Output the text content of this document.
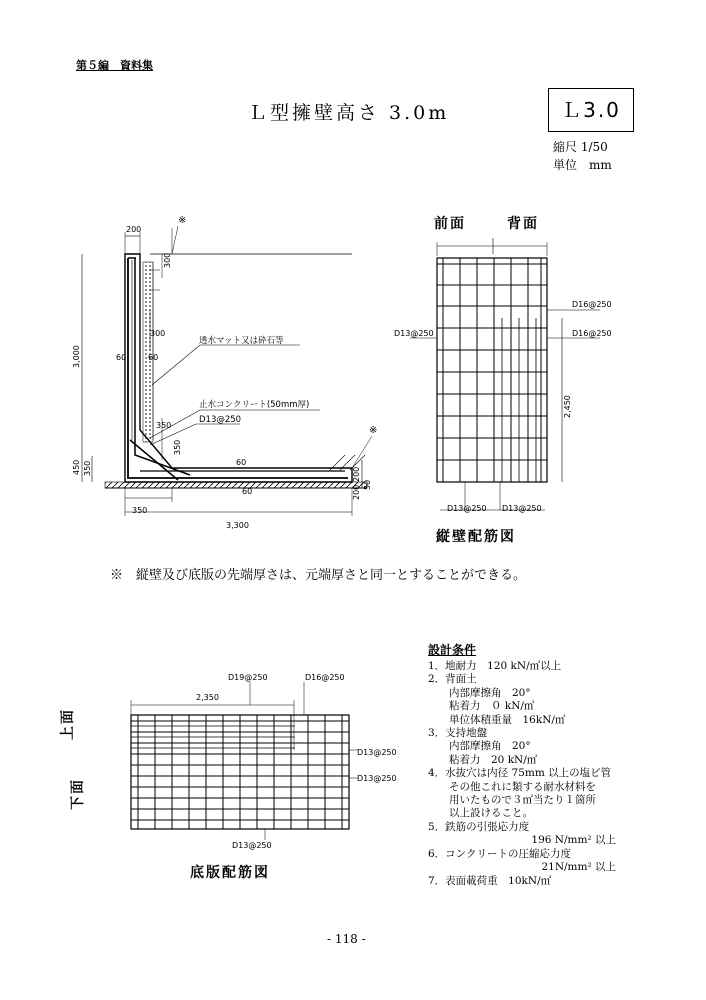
第５編　資料集
Ｌ型擁壁高さ 3.0m	Ｌ3.0
縮尺 1/50
単位　mm
200
300
300
3,000	60	60
350
350
450 350	60
60
200
200 50
350
3,300
※
※
透水マット又は砕石等
止水コンクリート(50mm厚)
D13@250
前面	背面
D16@250
D16@250
D13@250
2,450
D13@250 D13@250
縦壁配筋図
D19@250	D16@250
2,350
D13@250
D13@250
D13@250
上面
下面
底版配筋図
※　縦壁及び底版の先端厚さは、元端厚さと同一とすることができる。
設計条件
1．地耐力　120 kN/㎡以上
2．背面土
　　内部摩擦角　20°
　　粘着力　０ kN/㎡
　　単位体積重量　16kN/㎥
3．支持地盤
　　内部摩擦角　20°
　　粘着力　20 kN/㎡
4．水抜穴は内径 75mm 以上の塩ビ管
　　その他これに類する耐水材料を
　　用いたもので３㎡当たり１箇所
　　以上設けること。
5．鉄筋の引張応力度
196 N/mm² 以上
6．コンクリートの圧縮応力度
21N/mm² 以上
7．表面載荷重　10kN/㎡
- 118 -
